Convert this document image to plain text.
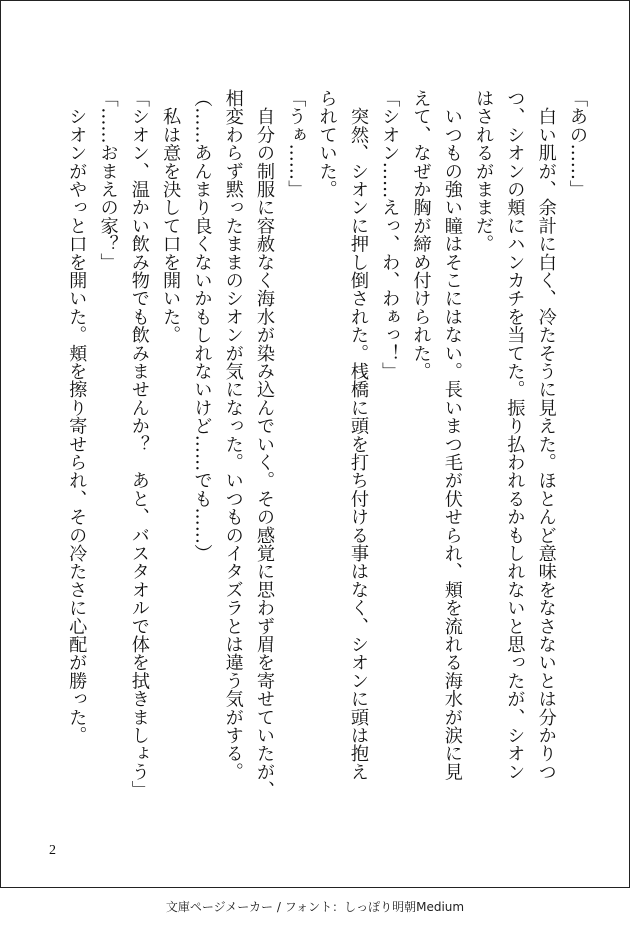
「あの……」
　白い肌が、余計に白く、冷たそうに見えた。ほとんど意味をなさないとは分かりつ
つ、シオンの頬にハンカチを当てた。振り払われるかもしれないと思ったが、シオン
はされるがままだ。
　いつもの強い瞳はそこにはない。長いまつ毛が伏せられ、頬を流れる海水が涙に見
えて、なぜか胸が締め付けられた。
「シオン……えっ、わ、わぁっ！」
　突然、シオンに押し倒された。桟橋に頭を打ち付ける事はなく、シオンに頭は抱え
られていた。
「うぁ……」
　自分の制服に容赦なく海水が染み込んでいく。その感覚に思わず眉を寄せていたが、
相変わらず黙ったままのシオンが気になった。いつものイタズラとは違う気がする。
（……あんまり良くないかもしれないけど……でも……）
　私は意を決して口を開いた。
「シオン、温かい飲み物でも飲みませんか？　あと、バスタオルで体を拭きましょう」
「……おまえの家？」
　シオンがやっと口を開いた。頬を擦り寄せられ、その冷たさに心配が勝った。
2
文庫ページメーカー / フォント：しっぽり明朝Medium
